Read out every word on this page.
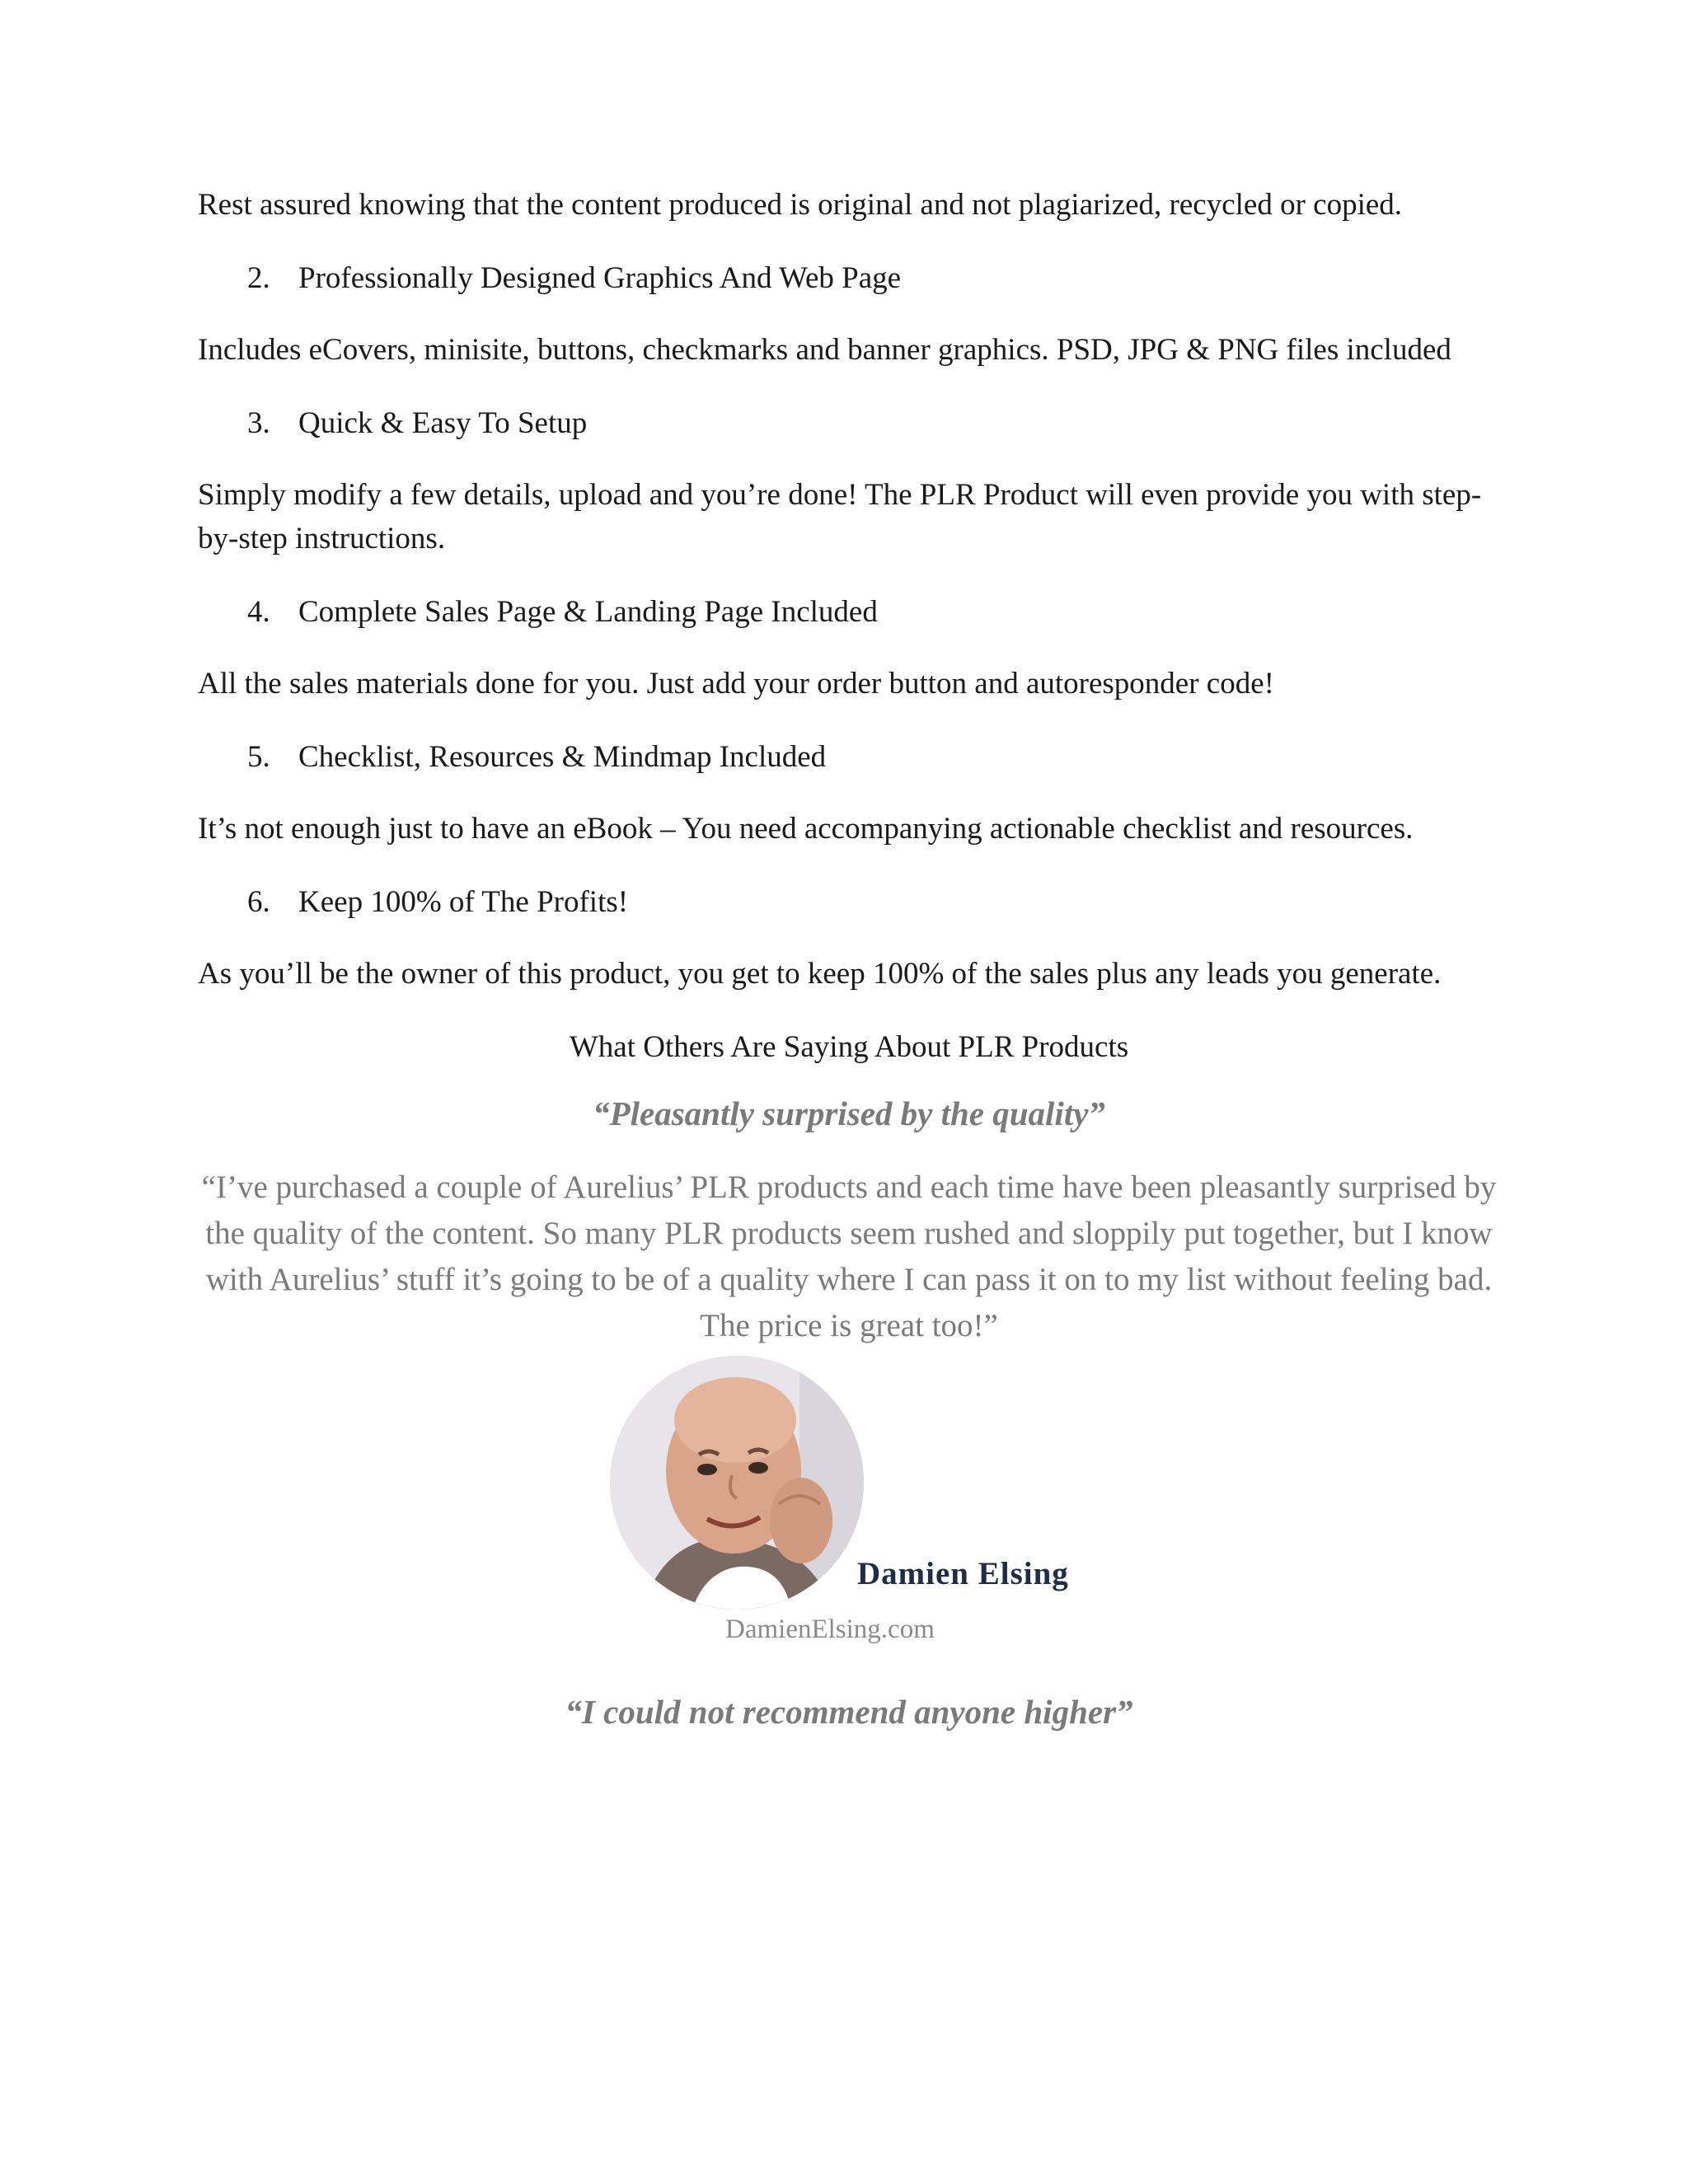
Rest assured knowing that the content produced is original and not plagiarized, recycled or copied.

2. Professionally Designed Graphics And Web Page

Includes eCovers, minisite, buttons, checkmarks and banner graphics. PSD, JPG & PNG files included

3. Quick & Easy To Setup

Simply modify a few details, upload and you’re done! The PLR Product will even provide you with step-by-step instructions.

4. Complete Sales Page & Landing Page Included

All the sales materials done for you. Just add your order button and autoresponder code!

5. Checklist, Resources & Mindmap Included

It’s not enough just to have an eBook – You need accompanying actionable checklist and resources.

6. Keep 100% of The Profits!

As you’ll be the owner of this product, you get to keep 100% of the sales plus any leads you generate.

What Others Are Saying About PLR Products

“Pleasantly surprised by the quality”

“I’ve purchased a couple of Aurelius’ PLR products and each time have been pleasantly surprised by the quality of the content. So many PLR products seem rushed and sloppily put together, but I know with Aurelius’ stuff it’s going to be of a quality where I can pass it on to my list without feeling bad. The price is great too!”

Damien Elsing
DamienElsing.com

“I could not recommend anyone higher”
